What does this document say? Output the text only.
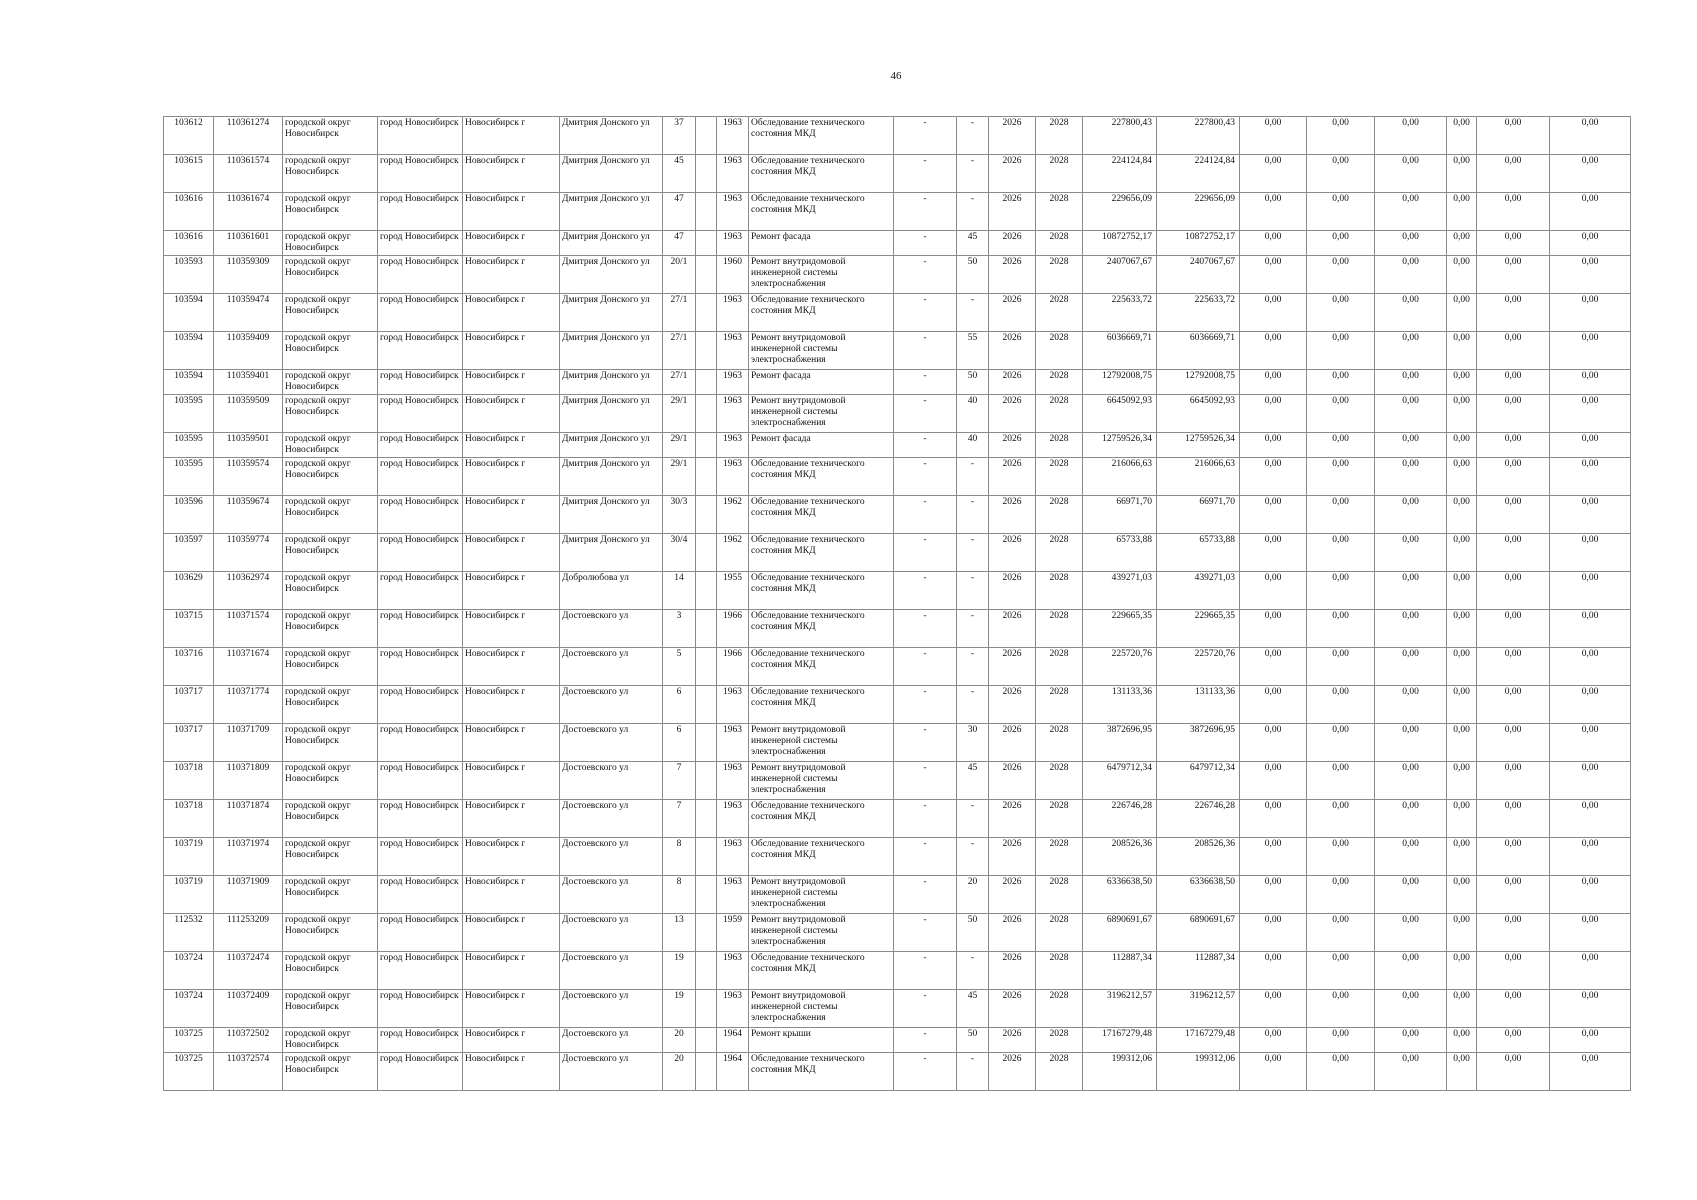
46
103612	110361274	городской округ Новосибирск	город Новосибирск	Новосибирск г	Дмитрия Донского ул	37		1963	Обследование технического состояния МКД	-	-	2026	2028	227800,43	227800,43	0,00	0,00	0,00	0,00	0,00	0,00
103615	110361574	городской округ Новосибирск	город Новосибирск	Новосибирск г	Дмитрия Донского ул	45		1963	Обследование технического состояния МКД	-	-	2026	2028	224124,84	224124,84	0,00	0,00	0,00	0,00	0,00	0,00
103616	110361674	городской округ Новосибирск	город Новосибирск	Новосибирск г	Дмитрия Донского ул	47		1963	Обследование технического состояния МКД	-	-	2026	2028	229656,09	229656,09	0,00	0,00	0,00	0,00	0,00	0,00
103616	110361601	городской округ Новосибирск	город Новосибирск	Новосибирск г	Дмитрия Донского ул	47		1963	Ремонт фасада	-	45	2026	2028	10872752,17	10872752,17	0,00	0,00	0,00	0,00	0,00	0,00
103593	110359309	городской округ Новосибирск	город Новосибирск	Новосибирск г	Дмитрия Донского ул	20/1		1960	Ремонт внутридомовой инженерной системы электроснабжения	-	50	2026	2028	2407067,67	2407067,67	0,00	0,00	0,00	0,00	0,00	0,00
103594	110359474	городской округ Новосибирск	город Новосибирск	Новосибирск г	Дмитрия Донского ул	27/1		1963	Обследование технического состояния МКД	-	-	2026	2028	225633,72	225633,72	0,00	0,00	0,00	0,00	0,00	0,00
103594	110359409	городской округ Новосибирск	город Новосибирск	Новосибирск г	Дмитрия Донского ул	27/1		1963	Ремонт внутридомовой инженерной системы электроснабжения	-	55	2026	2028	6036669,71	6036669,71	0,00	0,00	0,00	0,00	0,00	0,00
103594	110359401	городской округ Новосибирск	город Новосибирск	Новосибирск г	Дмитрия Донского ул	27/1		1963	Ремонт фасада	-	50	2026	2028	12792008,75	12792008,75	0,00	0,00	0,00	0,00	0,00	0,00
103595	110359509	городской округ Новосибирск	город Новосибирск	Новосибирск г	Дмитрия Донского ул	29/1		1963	Ремонт внутридомовой инженерной системы электроснабжения	-	40	2026	2028	6645092,93	6645092,93	0,00	0,00	0,00	0,00	0,00	0,00
103595	110359501	городской округ Новосибирск	город Новосибирск	Новосибирск г	Дмитрия Донского ул	29/1		1963	Ремонт фасада	-	40	2026	2028	12759526,34	12759526,34	0,00	0,00	0,00	0,00	0,00	0,00
103595	110359574	городской округ Новосибирск	город Новосибирск	Новосибирск г	Дмитрия Донского ул	29/1		1963	Обследование технического состояния МКД	-	-	2026	2028	216066,63	216066,63	0,00	0,00	0,00	0,00	0,00	0,00
103596	110359674	городской округ Новосибирск	город Новосибирск	Новосибирск г	Дмитрия Донского ул	30/3		1962	Обследование технического состояния МКД	-	-	2026	2028	66971,70	66971,70	0,00	0,00	0,00	0,00	0,00	0,00
103597	110359774	городской округ Новосибирск	город Новосибирск	Новосибирск г	Дмитрия Донского ул	30/4		1962	Обследование технического состояния МКД	-	-	2026	2028	65733,88	65733,88	0,00	0,00	0,00	0,00	0,00	0,00
103629	110362974	городской округ Новосибирск	город Новосибирск	Новосибирск г	Добролюбова ул	14		1955	Обследование технического состояния МКД	-	-	2026	2028	439271,03	439271,03	0,00	0,00	0,00	0,00	0,00	0,00
103715	110371574	городской округ Новосибирск	город Новосибирск	Новосибирск г	Достоевского ул	3		1966	Обследование технического состояния МКД	-	-	2026	2028	229665,35	229665,35	0,00	0,00	0,00	0,00	0,00	0,00
103716	110371674	городской округ Новосибирск	город Новосибирск	Новосибирск г	Достоевского ул	5		1966	Обследование технического состояния МКД	-	-	2026	2028	225720,76	225720,76	0,00	0,00	0,00	0,00	0,00	0,00
103717	110371774	городской округ Новосибирск	город Новосибирск	Новосибирск г	Достоевского ул	6		1963	Обследование технического состояния МКД	-	-	2026	2028	131133,36	131133,36	0,00	0,00	0,00	0,00	0,00	0,00
103717	110371709	городской округ Новосибирск	город Новосибирск	Новосибирск г	Достоевского ул	6		1963	Ремонт внутридомовой инженерной системы электроснабжения	-	30	2026	2028	3872696,95	3872696,95	0,00	0,00	0,00	0,00	0,00	0,00
103718	110371809	городской округ Новосибирск	город Новосибирск	Новосибирск г	Достоевского ул	7		1963	Ремонт внутридомовой инженерной системы электроснабжения	-	45	2026	2028	6479712,34	6479712,34	0,00	0,00	0,00	0,00	0,00	0,00
103718	110371874	городской округ Новосибирск	город Новосибирск	Новосибирск г	Достоевского ул	7		1963	Обследование технического состояния МКД	-	-	2026	2028	226746,28	226746,28	0,00	0,00	0,00	0,00	0,00	0,00
103719	110371974	городской округ Новосибирск	город Новосибирск	Новосибирск г	Достоевского ул	8		1963	Обследование технического состояния МКД	-	-	2026	2028	208526,36	208526,36	0,00	0,00	0,00	0,00	0,00	0,00
103719	110371909	городской округ Новосибирск	город Новосибирск	Новосибирск г	Достоевского ул	8		1963	Ремонт внутридомовой инженерной системы электроснабжения	-	20	2026	2028	6336638,50	6336638,50	0,00	0,00	0,00	0,00	0,00	0,00
112532	111253209	городской округ Новосибирск	город Новосибирск	Новосибирск г	Достоевского ул	13		1959	Ремонт внутридомовой инженерной системы электроснабжения	-	50	2026	2028	6890691,67	6890691,67	0,00	0,00	0,00	0,00	0,00	0,00
103724	110372474	городской округ Новосибирск	город Новосибирск	Новосибирск г	Достоевского ул	19		1963	Обследование технического состояния МКД	-	-	2026	2028	112887,34	112887,34	0,00	0,00	0,00	0,00	0,00	0,00
103724	110372409	городской округ Новосибирск	город Новосибирск	Новосибирск г	Достоевского ул	19		1963	Ремонт внутридомовой инженерной системы электроснабжения	-	45	2026	2028	3196212,57	3196212,57	0,00	0,00	0,00	0,00	0,00	0,00
103725	110372502	городской округ Новосибирск	город Новосибирск	Новосибирск г	Достоевского ул	20		1964	Ремонт крыши	-	50	2026	2028	17167279,48	17167279,48	0,00	0,00	0,00	0,00	0,00	0,00
103725	110372574	городской округ Новосибирск	город Новосибирск	Новосибирск г	Достоевского ул	20		1964	Обследование технического состояния МКД	-	-	2026	2028	199312,06	199312,06	0,00	0,00	0,00	0,00	0,00	0,00
